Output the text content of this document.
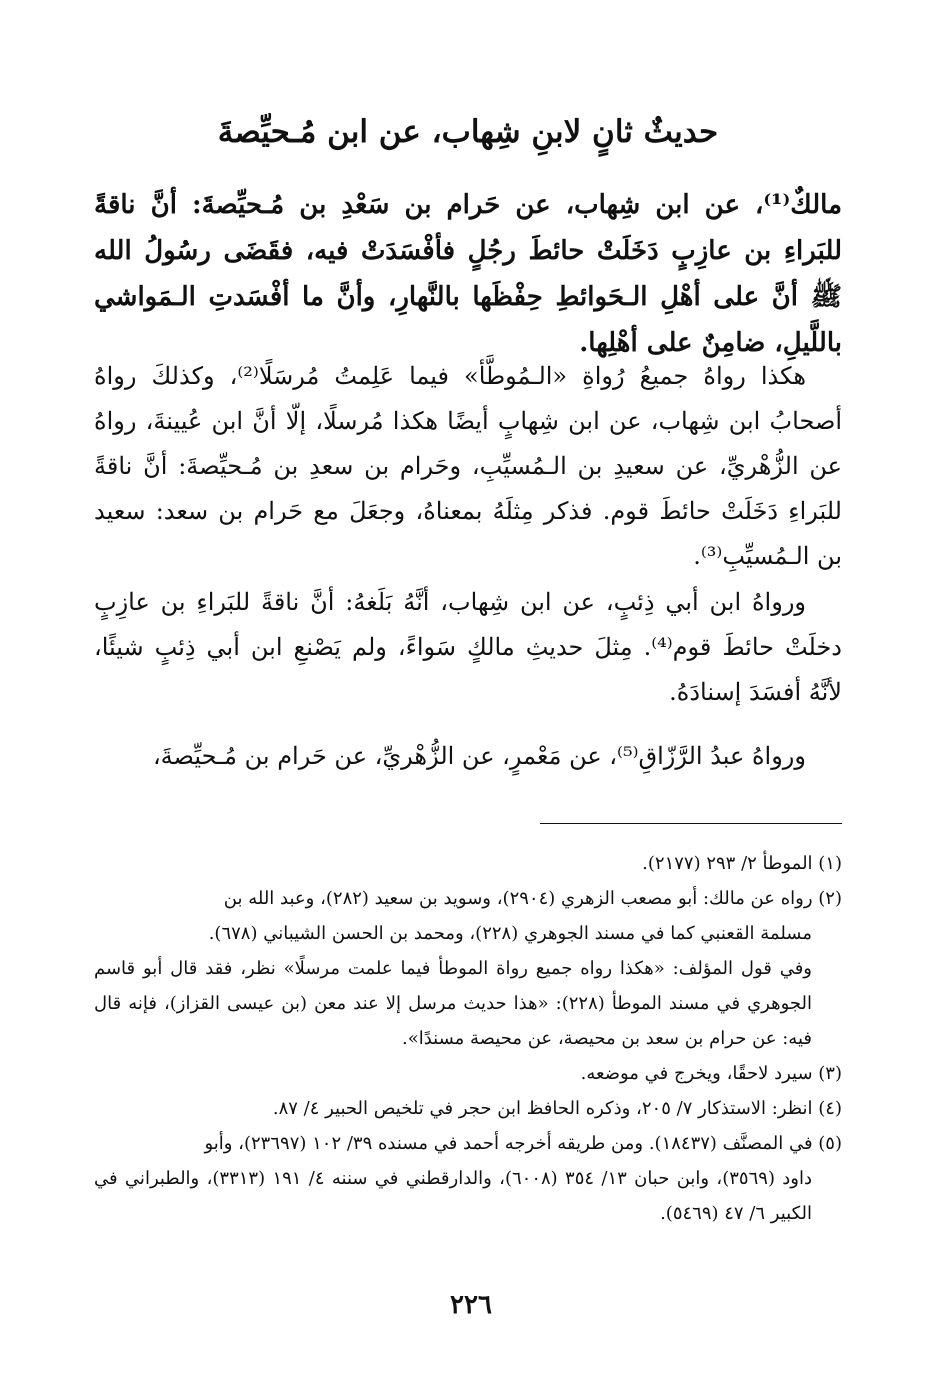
حديثٌ ثانٍ لابنِ شِهاب، عن ابن مُـحيِّصةَ

مالكٌ⁽¹⁾، عن ابن شِهاب، عن حَرام بن سَعْدِ بن مُـحيِّصةَ: أنَّ ناقةً للبَراءِ بن عازِبٍ دَخَلَتْ حائطَ رجُلٍ فأفْسَدَتْ فيه، فقَضَى رسُولُ الله ﷺ أنَّ على أهْلِ الـحَوائطِ حِفْظَها بالنَّهارِ، وأنَّ ما أفْسَدتِ الـمَواشي باللَّيلِ، ضامِنٌ على أهْلِها.

هكذا رواهُ جميعُ رُواةِ «الـمُوطَّأ» فيما عَلِمتُ مُرسَلًا⁽²⁾، وكذلكَ رواهُ أصحابُ ابن شِهاب، عن ابن شِهابٍ أيضًا هكذا مُرسلًا، إلّا أنَّ ابن عُيينةَ، رواهُ عن الزُّهْريِّ، عن سعيدِ بن الـمُسيِّبِ، وحَرام بن سعدِ بن مُـحيِّصةَ: أنَّ ناقةً للبَراءِ دَخَلَتْ حائطَ قوم. فذكر مِثلَهُ بمعناهُ، وجعَلَ مع حَرام بن سعد: سعيد بن الـمُسيِّبِ⁽³⁾.

ورواهُ ابن أبي ذِئبٍ، عن ابن شِهاب، أنَّهُ بَلَغهُ: أنَّ ناقةً للبَراءِ بن عازِبٍ دخلَتْ حائطَ قوم⁽⁴⁾. مِثلَ حديثِ مالكٍ سَواءً، ولم يَصْنعِ ابن أبي ذِئبٍ شيئًا، لأنَّهُ أفسَدَ إسنادَهُ.

ورواهُ عبدُ الرَّزّاقِ⁽⁵⁾، عن مَعْمرٍ، عن الزُّهْريِّ، عن حَرام بن مُـحيِّصةَ،

(١) الموطأ ٢/ ٢٩٣ (٢١٧٧).

(٢) رواه عن مالك: أبو مصعب الزهري (٢٩٠٤)، وسويد بن سعيد (٢٨٢)، وعبد الله بن

مسلمة القعنبي كما في مسند الجوهري (٢٢٨)، ومحمد بن الحسن الشيباني (٦٧٨).

وفي قول المؤلف: «هكذا رواه جميع رواة الموطأ فيما علمت مرسلًا» نظر، فقد قال أبو قاسم الجوهري في مسند الموطأ (٢٢٨): «هذا حديث مرسل إلا عند معن (بن عيسى القزاز)، فإنه قال فيه: عن حرام بن سعد بن محيصة، عن محيصة مسندًا».

(٣) سيرد لاحقًا، ويخرج في موضعه.

(٤) انظر: الاستذكار ٧/ ٢٠٥، وذكره الحافظ ابن حجر في تلخيص الحبير ٤/ ٨٧.

(٥) في المصنَّف (١٨٤٣٧). ومن طريقه أخرجه أحمد في مسنده ٣٩/ ١٠٢ (٢٣٦٩٧)، وأبو

داود (٣٥٦٩)، وابن حبان ١٣/ ٣٥٤ (٦٠٠٨)، والدارقطني في سننه ٤/ ١٩١ (٣٣١٣)، والطبراني في الكبير ٦/ ٤٧ (٥٤٦٩).

٢٢٦
